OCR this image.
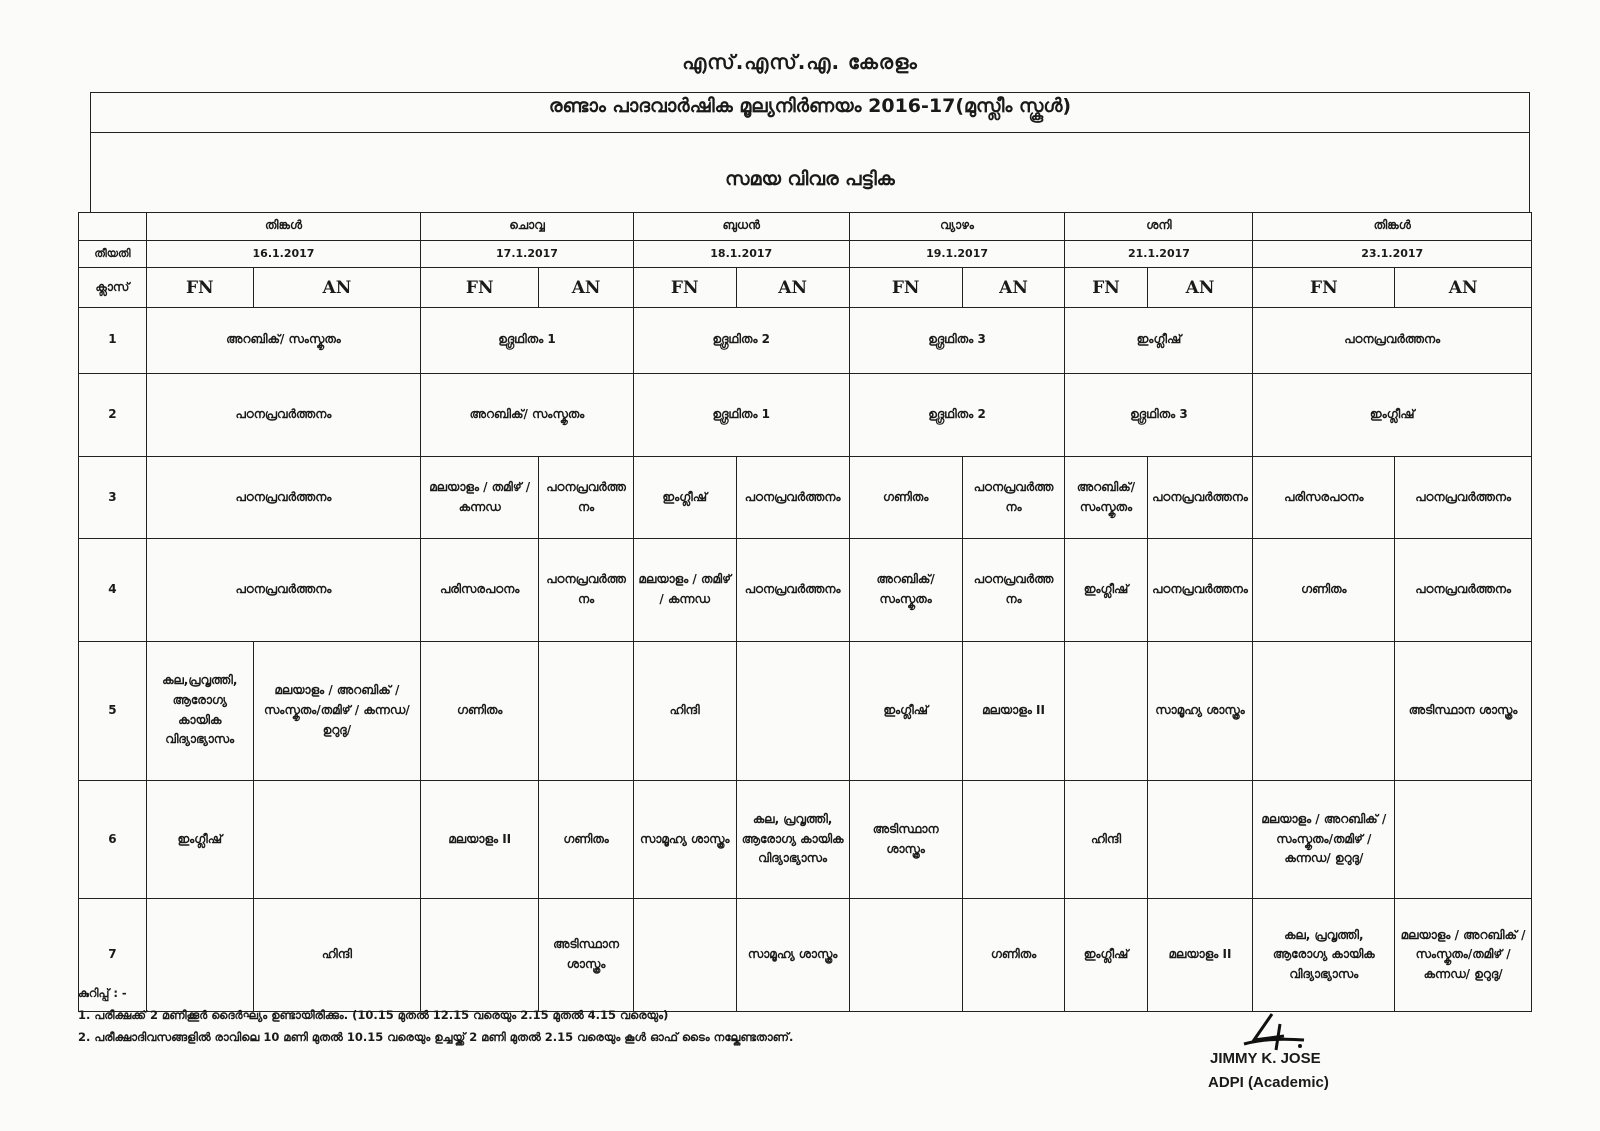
എസ്.എസ്.എ. കേരളം
രണ്ടാം പാദവാർഷിക മൂല്യനിർണയം 2016-17(മുസ്ലീം സ്കൂൾ)
സമയ വിവര പട്ടിക
	തിങ്കൾ		ചൊവ്വ		ബുധൻ		വ്യാഴം		ശനി		തിങ്കൾ	
തീയതി	16.1.2017		17.1.2017		18.1.2017		19.1.2017		21.1.2017		23.1.2017	
ക്ലാസ്	FN	AN	FN	AN	FN	AN	FN	AN	FN	AN	FN	AN
1	അറബിക്/ സംസ്കൃതം		ഉദ്ഗ്രഥിതം 1		ഉദ്ഗ്രഥിതം 2		ഉദ്ഗ്രഥിതം 3		ഇംഗ്ലീഷ്		പഠനപ്രവർത്തനം	
2	പഠനപ്രവർത്തനം		അറബിക്/ സംസ്കൃതം		ഉദ്ഗ്രഥിതം 1		ഉദ്ഗ്രഥിതം 2		ഉദ്ഗ്രഥിതം 3		ഇംഗ്ലീഷ്	
3	പഠനപ്രവർത്തനം		മലയാളം / തമിഴ് / കന്നഡ	പഠനപ്രവർത്തനം	ഇംഗ്ലീഷ്	പഠനപ്രവർത്തനം	ഗണിതം	പഠനപ്രവർത്തനം	അറബിക്/സംസ്കൃതം	പഠനപ്രവർത്തനം	പരിസരപഠനം	പഠനപ്രവർത്തനം
4	പഠനപ്രവർത്തനം		പരിസരപഠനം	പഠനപ്രവർത്തനം	മലയാളം / തമിഴ് / കന്നഡ	പഠനപ്രവർത്തനം	അറബിക്/സംസ്കൃതം	പഠനപ്രവർത്തനം	ഇംഗ്ലീഷ്	പഠനപ്രവർത്തനം	ഗണിതം	പഠനപ്രവർത്തനം
5	കല,പ്രവൃത്തി, ആരോഗ്യ കായിക വിദ്യാഭ്യാസം	മലയാളം / അറബിക് /സംസ്കൃതം/തമിഴ് / കന്നഡ/ ഉറുദു/	ഗണിതം		ഹിന്ദി		ഇംഗ്ലീഷ്	മലയാളം II		സാമൂഹ്യ ശാസ്ത്രം		അടിസ്ഥാന ശാസ്ത്രം
6	ഇംഗ്ലീഷ്		മലയാളം II	ഗണിതം	സാമൂഹ്യ ശാസ്ത്രം	കല, പ്രവൃത്തി, ആരോഗ്യ കായിക വിദ്യാഭ്യാസം	അടിസ്ഥാന ശാസ്ത്രം		ഹിന്ദി		മലയാളം / അറബിക് /സംസ്കൃതം/തമിഴ് / കന്നഡ/ ഉറുദു/	
7		ഹിന്ദി		അടിസ്ഥാന ശാസ്ത്രം		സാമൂഹ്യ ശാസ്ത്രം		ഗണിതം	ഇംഗ്ലീഷ്	മലയാളം II	കല, പ്രവൃത്തി, ആരോഗ്യ കായിക വിദ്യാഭ്യാസം	മലയാളം / അറബിക് /സംസ്കൃതം/തമിഴ് / കന്നഡ/ ഉറുദു/
കുറിപ്പ് : -
1. പരീക്ഷക്ക് 2 മണിക്കൂർ ദൈർഘ്യം ഉണ്ടായിരിക്കും. (10.15 മുതൽ 12.15 വരെയും 2.15 മുതൽ 4.15 വരെയും)
2. പരീക്ഷാദിവസങ്ങളിൽ രാവിലെ 10 മണി മുതൽ 10.15 വരെയും ഉച്ചയ്ക്ക് 2 മണി മുതൽ 2.15 വരെയും കൂൾ ഓഫ് ടൈം നല്കേണ്ടതാണ്.
JIMMY K. JOSE
ADPI (Academic)
